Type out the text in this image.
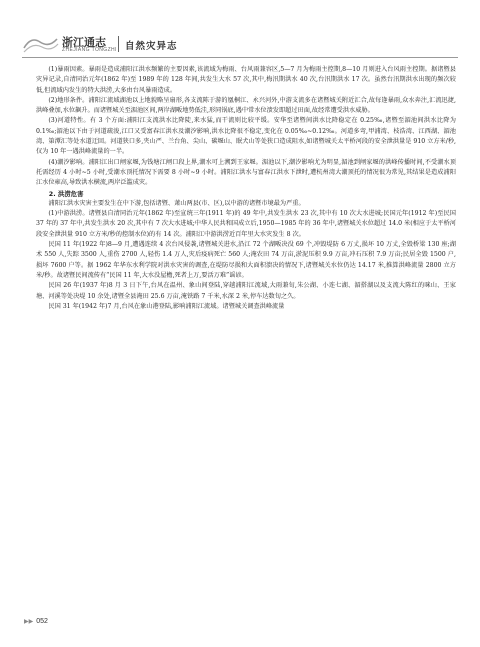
浙江通志
ZHEJIANG TONGZHI 自然灾异志

(1)暴雨因素。暴雨是造成浦阳江洪水频繁的主要因素,该流域为梅雨、台风雨兼容区,5—7 月为梅雨主控期,8—10 月则进入台风雨主控期。据诸暨县灾异记录,自清同治元年(1862 年)至 1989 年的 128 年间,共发生大水 57 次,其中,梅汛期洪水 40 次,台汛期洪水 17 次。虽然台汛期洪水出现的频次较低,但流域内发生的特大洪涝,大多由台风暴雨造成。

(2)地形条件。浦阳江流域湖池以上地貌略呈扇形,各支流陈于游的凰桐江、永兴河外,中游支流多在诸暨城关附近汇合,故每逢暴雨,众水奔注,汇流迅捷,洪峰叠加,水位飙升。而诸暨城关至湄池区间,两岸湖畈地势低洼,形同锅底,遇中常水位溃发即超过田面,故经常遭受洪水威胁。

(3)河道特性。有 3 个方面:浦阳江支流洪水比降陡,来水猛,而干流则比较平缓。安华至诸暨间洪水比降稳定在 0.25‰,诸暨至湄池间洪水比降为 0.1‰;湄池以下由于河道疏浚,江口又受富春江洪水及潮汐影响,洪水比降很不稳定,变化在 0.05‰~0.12‰。河道多弯,甲浦湾、枝浩湾、江西湖、湄池湾、第潭汇等处水道迂回。河道狭口多,夹山严、兰台角、尖山、碳堰山、眠犬山等处狭口造成阻水,如诸暨城关太平桥河段的安全泄洪量是 910 立方米/秒,仅为 10 年一遇洪峰流量的一半。

(4)潮汐影响。浦阳江出口闸家堰,为钱塘江闸口段上界,潮水可上溯到王家堰。湄池以下,潮汐影响尤为明显,湄池到闸家堰的洪峰传播时间,不受潮水顶托需经历 4 小时~5 小时,受潮水顶托情况下需要 8 小时~9 小时。浦阳江洪水与富春江洪水下泄时,遭杭州湾大潮顶托的情况很为常见,其结果是造成浦阳江水位雍高,导致洪水横流,两岸泛滥成灾。

2. 洪涝危害

浦阳江洪水灾害主要发生在中下游,包括诸暨、萧山两县(市、区),以中游的诸暨市境最为严重。

(1)中游洪涝。诸暨县自清同治元年(1862 年)至宣统三年(1911 年)的 49 年中,共发生洪水 23 次,其中有 10 次大水进城;民国元年(1912 年)至民国 37 年的 37 年中,共发生洪水 20 次,其中有 7 次大水进城;中华人民共和国成立后,1950—1985 年的 36 年中,诸暨城关水位超过 14.0 米(相应于太平桥河段安全泄洪量 910 立方米/秒的控制水位)的有 14 次。浦阳江中游洪涝近百年里大水灾发生 8 次。

民国 11 年(1922 年)8—9 月,遭遇连续 4 次台风侵袭,诸暨城关进水,沿江 72 个湖畈决没 69 个,冲毁堤防 6 万丈,损坏 10 万丈,全毁桥梁 130 座;湖术 550 人,失踪 3500 人,重伤 2700 人,轻伤 1.4 万人,灾后疫病死亡 560 人;淹农田 74 万亩,淤泥压积 9.9 万亩,冲石压积 7.9 万亩;民居全毁 1500 户,损坏 7600 户等。据 1962 年华东水利学院对洪水灾害的调查,在堤防尽损和大面积溃决的情况下,诸暨城关水位仍达 14.17 米,推算洪峰流量 2800 立方米/秒。故诸暨民间流传有“民国 11 年,大水没屋檐,死者上万,要活万难”谣谚。

民国 26 年(1937 年)8 月 3 日下午,台风在温州、象山间登陆,穿越浦阳江流域,大雨兼旬,朱公湖、小连七湖、湄搭湖以及支流大陈红的咪山、王家塘、河溪等处决堤 10 余处,诸暨全县淹田 25.6 万亩,淹铁路 7 千米,水深 2 米,停车达数旬之久。

民国 31 年(1942 年)7 月,台风在象山港登陆,影响浦阳江流域。诸暨城关调查洪峰流量

▶▶ 052
